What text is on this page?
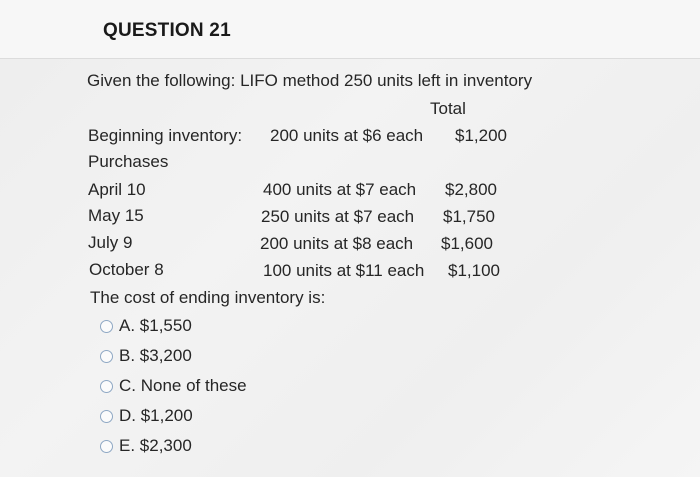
QUESTION 21
Given the following: LIFO method 250 units left in inventory
Total
Beginning inventory: 200 units at $6 each $1,200
Purchases
April 10	400 units at $7 each $2,800
May 15	250 units at $7 each $1,750
July 9	200 units at $8 each $1,600
October 8	100 units at $11 each $1,100
The cost of ending inventory is:
A. $1,550
B. $3,200
C. None of these
D. $1,200
E. $2,300
